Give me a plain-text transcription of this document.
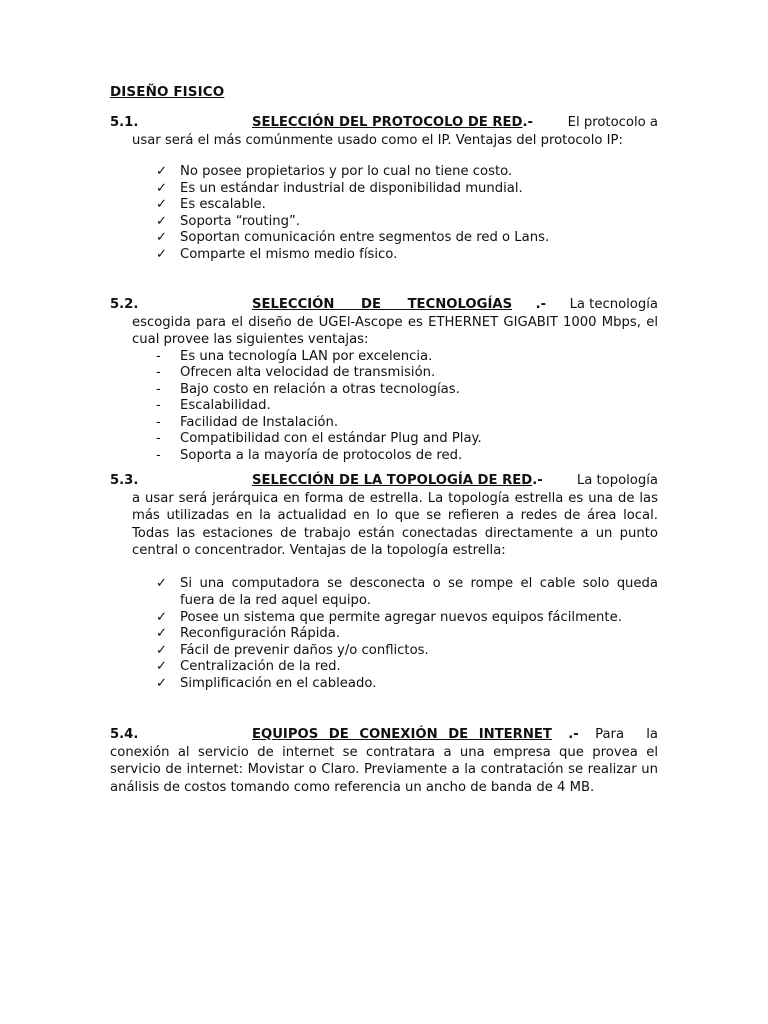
DISEÑO FISICO
5.1.	SELECCIÓN DEL PROTOCOLO DE RED.-	El protocolo a
usar será el más comúnmente usado como el IP. Ventajas del protocolo IP:
✓ No posee propietarios y por lo cual no tiene costo.
✓ Es un estándar industrial de disponibilidad mundial.
✓ Es escalable.
✓ Soporta “routing”.
✓ Soportan comunicación entre segmentos de red o Lans.
✓ Comparte el mismo medio físico.
5.2.	SELECCIÓN DE TECNOLOGÍAS .- La tecnología
escogida para el diseño de UGEl-Ascope es ETHERNET GIGABIT 1000 Mbps, el cual provee las siguientes ventajas:
-	Es una tecnología LAN por excelencia.
-	Ofrecen alta velocidad de transmisión.
-	Bajo costo en relación a otras tecnologías.
-	Escalabilidad.
-	Facilidad de Instalación.
-	Compatibilidad con el estándar Plug and Play.
-	Soporta a la mayoría de protocolos de red.
5.3.	SELECCIÓN DE LA TOPOLOGÍA DE RED.-	La topología
a usar será jerárquica en forma de estrella. La topología estrella es una de las más utilizadas en la actualidad en lo que se refieren a redes de área local. Todas las estaciones de trabajo están conectadas directamente a un punto central o concentrador. Ventajas de la topología estrella:
✓ Si una computadora se desconecta o se rompe el cable solo queda fuera de la red aquel equipo.
✓ Posee un sistema que permite agregar nuevos equipos fácilmente.
✓ Reconfiguración Rápida.
✓ Fácil de prevenir daños y/o conflictos.
✓ Centralización de la red.
✓ Simplificación en el cableado.
5.4.	EQUIPOS DE CONEXIÓN DE INTERNET .- Para la
conexión al servicio de internet se contratara a una empresa que provea el servicio de internet: Movistar o Claro. Previamente a la contratación se realizar un análisis de costos tomando como referencia un ancho de banda de 4 MB.
